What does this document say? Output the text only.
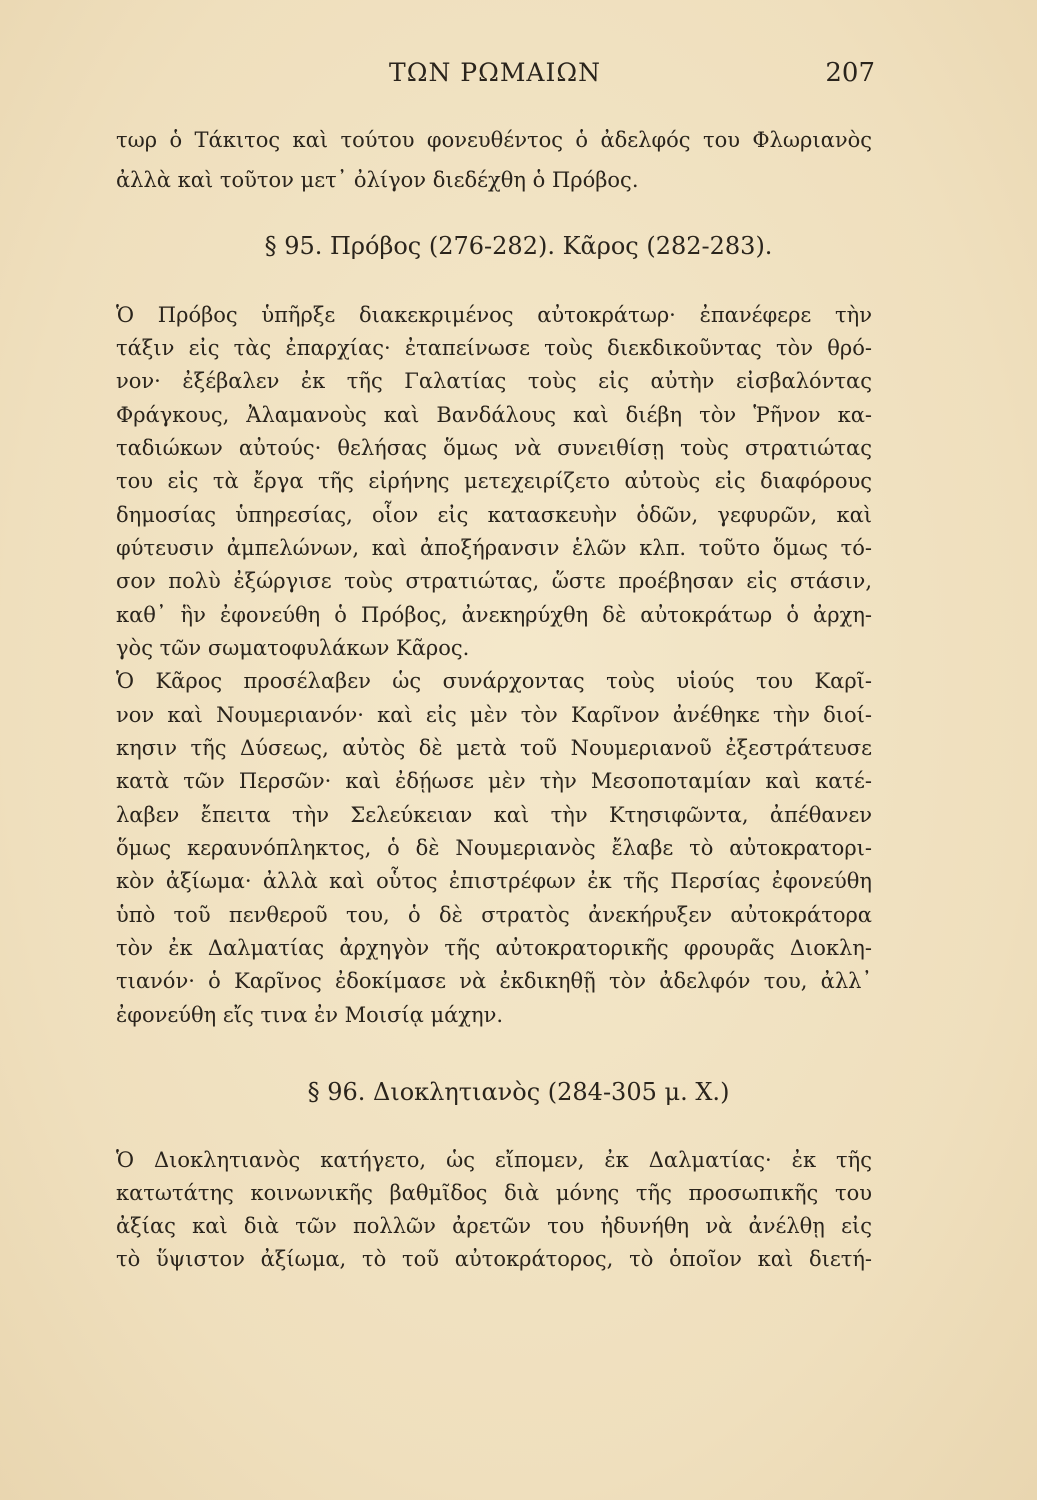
ΤΩΝ ΡΩΜΑΙΩΝ	207
τωρ ὁ Τάκιτος καὶ τούτου φονευθέντος ὁ ἀδελφός του Φλωριανὸς
ἀλλὰ καὶ τοῦτον μετ᾿ ὀλίγον διεδέχθη ὁ Πρόβος.
§ 95. Πρόβος (276-282). Κᾶρος (282-283).
Ὁ Πρόβος ὑπῆρξε διακεκριμένος αὐτοκράτωρ· ἐπανέφερε τὴν
τάξιν εἰς τὰς ἐπαρχίας· ἐταπείνωσε τοὺς διεκδικοῦντας τὸν θρό-
νον· ἐξέβαλεν ἐκ τῆς Γαλατίας τοὺς εἰς αὐτὴν εἰσβαλόντας
Φράγκους, Ἀλαμανοὺς καὶ Βανδάλους καὶ διέβη τὸν Ῥῆνον κα-
ταδιώκων αὐτούς· θελήσας ὅμως νὰ συνειθίσῃ τοὺς στρατιώτας
του εἰς τὰ ἔργα τῆς εἰρήνης μετεχειρίζετο αὐτοὺς εἰς διαφόρους
δημοσίας ὑπηρεσίας, οἷον εἰς κατασκευὴν ὁδῶν, γεφυρῶν, καὶ
φύτευσιν ἀμπελώνων, καὶ ἀποξήρανσιν ἑλῶν κλπ. τοῦτο ὅμως τό-
σον πολὺ ἐξώργισε τοὺς στρατιώτας, ὥστε προέβησαν εἰς στάσιν,
καθ᾿ ἣν ἐφονεύθη ὁ Πρόβος, ἀνεκηρύχθη δὲ αὐτοκράτωρ ὁ ἀρχη-
γὸς τῶν σωματοφυλάκων Κᾶρος.
Ὁ Κᾶρος προσέλαβεν ὡς συνάρχοντας τοὺς υἱούς του Καρῖ-
νον καὶ Νουμεριανόν· καὶ εἰς μὲν τὸν Καρῖνον ἀνέθηκε τὴν διοί-
κησιν τῆς Δύσεως, αὐτὸς δὲ μετὰ τοῦ Νουμεριανοῦ ἐξεστράτευσε
κατὰ τῶν Περσῶν· καὶ ἐδῄωσε μὲν τὴν Μεσοποταμίαν καὶ κατέ-
λαβεν ἔπειτα τὴν Σελεύκειαν καὶ τὴν Κτησιφῶντα, ἀπέθανεν
ὅμως κεραυνόπληκτος, ὁ δὲ Νουμεριανὸς ἔλαβε τὸ αὐτοκρατορι-
κὸν ἀξίωμα· ἀλλὰ καὶ οὗτος ἐπιστρέφων ἐκ τῆς Περσίας ἐφονεύθη
ὑπὸ τοῦ πενθεροῦ του, ὁ δὲ στρατὸς ἀνεκήρυξεν αὐτοκράτορα
τὸν ἐκ Δαλματίας ἀρχηγὸν τῆς αὐτοκρατορικῆς φρουρᾶς Διοκλη-
τιανόν· ὁ Καρῖνος ἐδοκίμασε νὰ ἐκδικηθῇ τὸν ἀδελφόν του, ἀλλ᾿
ἐφονεύθη εἴς τινα ἐν Μοισίᾳ μάχην.
§ 96. Διοκλητιανὸς (284-305 μ. Χ.)
Ὁ Διοκλητιανὸς κατήγετο, ὡς εἴπομεν, ἐκ Δαλματίας· ἐκ τῆς
κατωτάτης κοινωνικῆς βαθμῖδος διὰ μόνης τῆς προσωπικῆς του
ἀξίας καὶ διὰ τῶν πολλῶν ἀρετῶν του ἠδυνήθη νὰ ἀνέλθῃ εἰς
τὸ ὕψιστον ἀξίωμα, τὸ τοῦ αὐτοκράτορος, τὸ ὁποῖον καὶ διετή-
